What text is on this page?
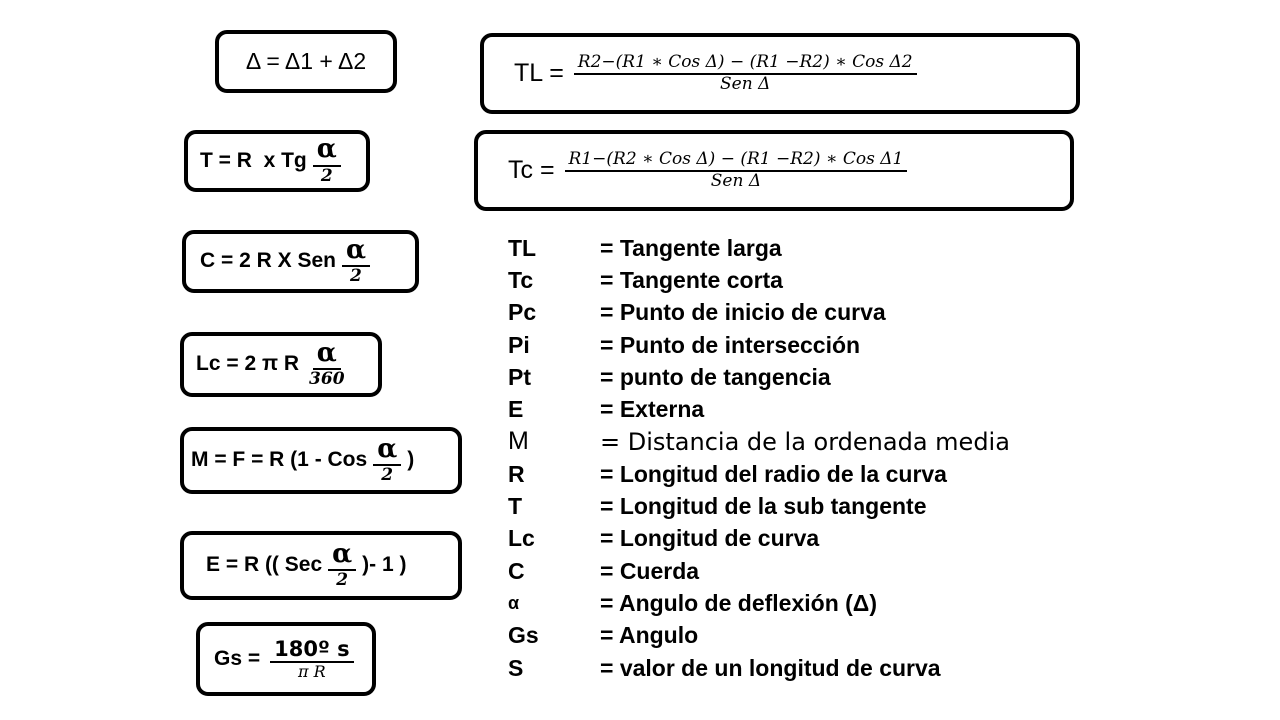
Δ = Δ1 + Δ2	TL = $\frac{\text{R2−(R1 ∗ Cos Δ) − (R1 −R2) ∗ Cos Δ2}}{\text{Sen Δ}}$
T = R  x Tg $\frac{\alpha}{2}$	$Tc = \frac{\text{R1−(R2 ∗ Cos Δ) − (R1 −R2) ∗ Cos Δ1}}{\text{Sen Δ}}$
C = 2 R X Sen $\frac{\alpha}{2}$
Lc = 2 π R $\frac{\alpha}{360}$
M = F = R (1 - Cos $\frac{\alpha}{2}$ )
E = R (( Sec $\frac{\alpha}{2}$ )- 1 )
$Gs = \frac{\text{180º s}}{\text{π R}}$
TL	= Tangente larga
Tc	= Tangente corta
Pc	= Punto de inicio de curva
Pi	= Punto de intersección
Pt	= punto de tangencia
E	= Externa
M	= Distancia de la ordenada media
R	= Longitud del radio de la curva
T	= Longitud de la sub tangente
Lc	= Longitud de curva
C	= Cuerda
α	= Angulo de deflexión (Δ)
Gs	= Angulo
S	= valor de un longitud de curva
